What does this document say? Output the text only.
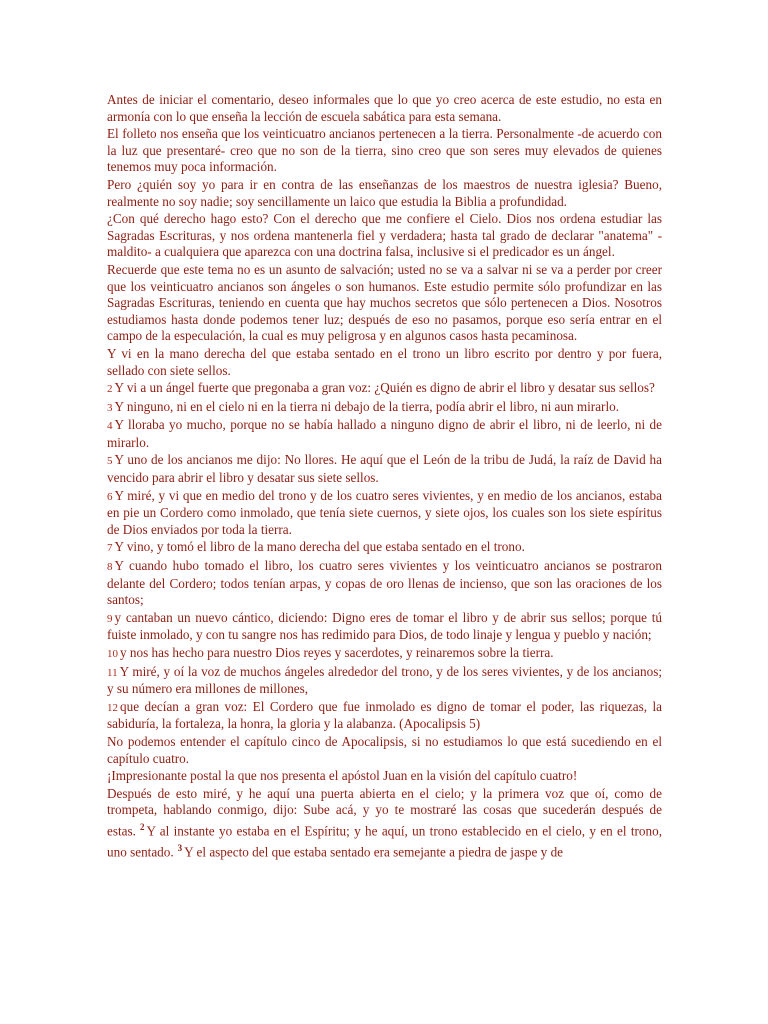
Antes de iniciar el comentario, deseo informales que lo que yo creo acerca de este estudio, no esta en armonía con lo que enseña la lección de escuela sabática para esta semana.

El folleto nos enseña que los veinticuatro ancianos pertenecen a la tierra. Personalmente -de acuerdo con la luz que presentaré- creo que no son de la tierra, sino creo que son seres muy elevados de quienes tenemos muy poca información.

Pero ¿quién soy yo para ir en contra de las enseñanzas de los maestros de nuestra iglesia? Bueno, realmente no soy nadie; soy sencillamente un laico que estudia la Biblia a profundidad.

¿Con qué derecho hago esto? Con el derecho que me confiere el Cielo. Dios nos ordena estudiar las Sagradas Escrituras, y nos ordena mantenerla fiel y verdadera; hasta tal grado de declarar "anatema" -maldito- a cualquiera que aparezca con una doctrina falsa, inclusive si el predicador es un ángel.

Recuerde que este tema no es un asunto de salvación; usted no se va a salvar ni se va a perder por creer que los veinticuatro ancianos son ángeles o son humanos. Este estudio permite sólo profundizar en las Sagradas Escrituras, teniendo en cuenta que hay muchos secretos que sólo pertenecen a Dios. Nosotros estudiamos hasta donde podemos tener luz; después de eso no pasamos, porque eso sería entrar en el campo de la especulación, la cual es muy peligrosa y en algunos casos hasta pecaminosa.

Y vi en la mano derecha del que estaba sentado en el trono un libro escrito por dentro y por fuera, sellado con siete sellos.

2 Y vi a un ángel fuerte que pregonaba a gran voz: ¿Quién es digno de abrir el libro y desatar sus sellos?

3 Y ninguno, ni en el cielo ni en la tierra ni debajo de la tierra, podía abrir el libro, ni aun mirarlo.

4 Y lloraba yo mucho, porque no se había hallado a ninguno digno de abrir el libro, ni de leerlo, ni de mirarlo.

5 Y uno de los ancianos me dijo: No llores. He aquí que el León de la tribu de Judá, la raíz de David ha vencido para abrir el libro y desatar sus siete sellos.

6 Y miré, y vi que en medio del trono y de los cuatro seres vivientes, y en medio de los ancianos, estaba en pie un Cordero como inmolado, que tenía siete cuernos, y siete ojos, los cuales son los siete espíritus de Dios enviados por toda la tierra.

7 Y vino, y tomó el libro de la mano derecha del que estaba sentado en el trono.

8 Y cuando hubo tomado el libro, los cuatro seres vivientes y los veinticuatro ancianos se postraron delante del Cordero; todos tenían arpas, y copas de oro llenas de incienso, que son las oraciones de los santos;

9 y cantaban un nuevo cántico, diciendo: Digno eres de tomar el libro y de abrir sus sellos; porque tú fuiste inmolado, y con tu sangre nos has redimido para Dios, de todo linaje y lengua y pueblo y nación;

10 y nos has hecho para nuestro Dios reyes y sacerdotes, y reinaremos sobre la tierra.

11 Y miré, y oí la voz de muchos ángeles alrededor del trono, y de los seres vivientes, y de los ancianos; y su número era millones de millones,

12 que decían a gran voz: El Cordero que fue inmolado es digno de tomar el poder, las riquezas, la sabiduría, la fortaleza, la honra, la gloria y la alabanza. (Apocalipsis 5)

No podemos entender el capítulo cinco de Apocalipsis, si no estudiamos lo que está sucediendo en el capítulo cuatro.

¡Impresionante postal la que nos presenta el apóstol Juan en la visión del capítulo cuatro!

Después de esto miré, y he aquí una puerta abierta en el cielo; y la primera voz que oí, como de trompeta, hablando conmigo, dijo: Sube acá, y yo te mostraré las cosas que sucederán después de estas. $^2$ Y al instante yo estaba en el Espíritu; y he aquí, un trono establecido en el cielo, y en el trono, uno sentado. $^3$ Y el aspecto del que estaba sentado era semejante a piedra de jaspe y de
